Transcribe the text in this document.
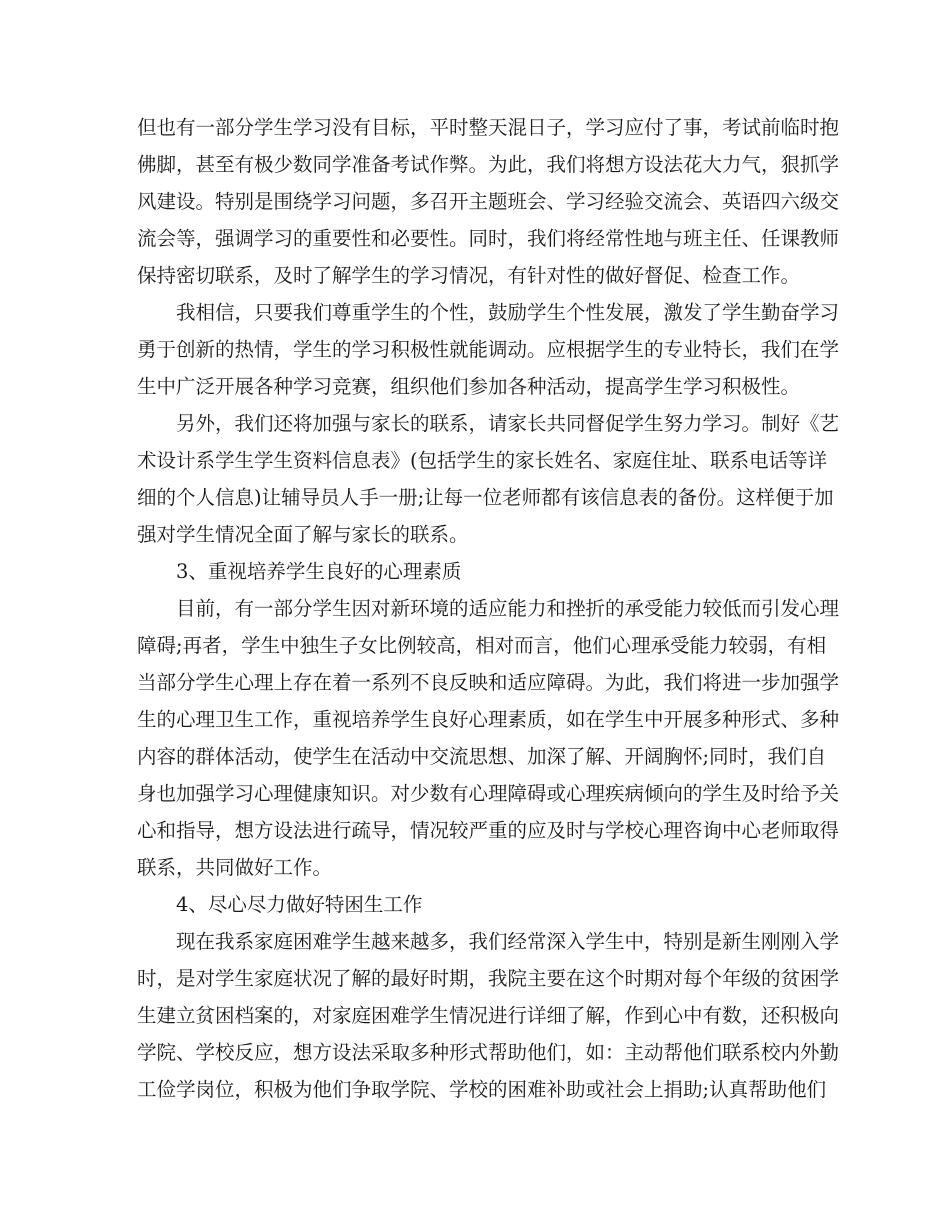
但也有一部分学生学习没有目标，平时整天混日子，学习应付了事，考试前临时抱
佛脚，甚至有极少数同学准备考试作弊。为此，我们将想方设法花大力气，狠抓学
风建设。特别是围绕学习问题，多召开主题班会、学习经验交流会、英语四六级交
流会等，强调学习的重要性和必要性。同时，我们将经常性地与班主任、任课教师
保持密切联系，及时了解学生的学习情况，有针对性的做好督促、检查工作。
我相信，只要我们尊重学生的个性，鼓励学生个性发展，激发了学生勤奋学习
勇于创新的热情，学生的学习积极性就能调动。应根据学生的专业特长，我们在学
生中广泛开展各种学习竞赛，组织他们参加各种活动，提高学生学习积极性。
另外，我们还将加强与家长的联系，请家长共同督促学生努力学习。制好《艺
术设计系学生学生资料信息表》(包括学生的家长姓名、家庭住址、联系电话等详
细的个人信息)让辅导员人手一册;让每一位老师都有该信息表的备份。这样便于加
强对学生情况全面了解与家长的联系。
3、重视培养学生良好的心理素质
目前，有一部分学生因对新环境的适应能力和挫折的承受能力较低而引发心理
障碍;再者，学生中独生子女比例较高，相对而言，他们心理承受能力较弱，有相
当部分学生心理上存在着一系列不良反映和适应障碍。为此，我们将进一步加强学
生的心理卫生工作，重视培养学生良好心理素质，如在学生中开展多种形式、多种
内容的群体活动，使学生在活动中交流思想、加深了解、开阔胸怀;同时，我们自
身也加强学习心理健康知识。对少数有心理障碍或心理疾病倾向的学生及时给予关
心和指导，想方设法进行疏导，情况较严重的应及时与学校心理咨询中心老师取得
联系，共同做好工作。
4、尽心尽力做好特困生工作
现在我系家庭困难学生越来越多，我们经常深入学生中，特别是新生刚刚入学
时，是对学生家庭状况了解的最好时期，我院主要在这个时期对每个年级的贫困学
生建立贫困档案的，对家庭困难学生情况进行详细了解，作到心中有数，还积极向
学院、学校反应，想方设法采取多种形式帮助他们，如：主动帮他们联系校内外勤
工俭学岗位，积极为他们争取学院、学校的困难补助或社会上捐助;认真帮助他们
